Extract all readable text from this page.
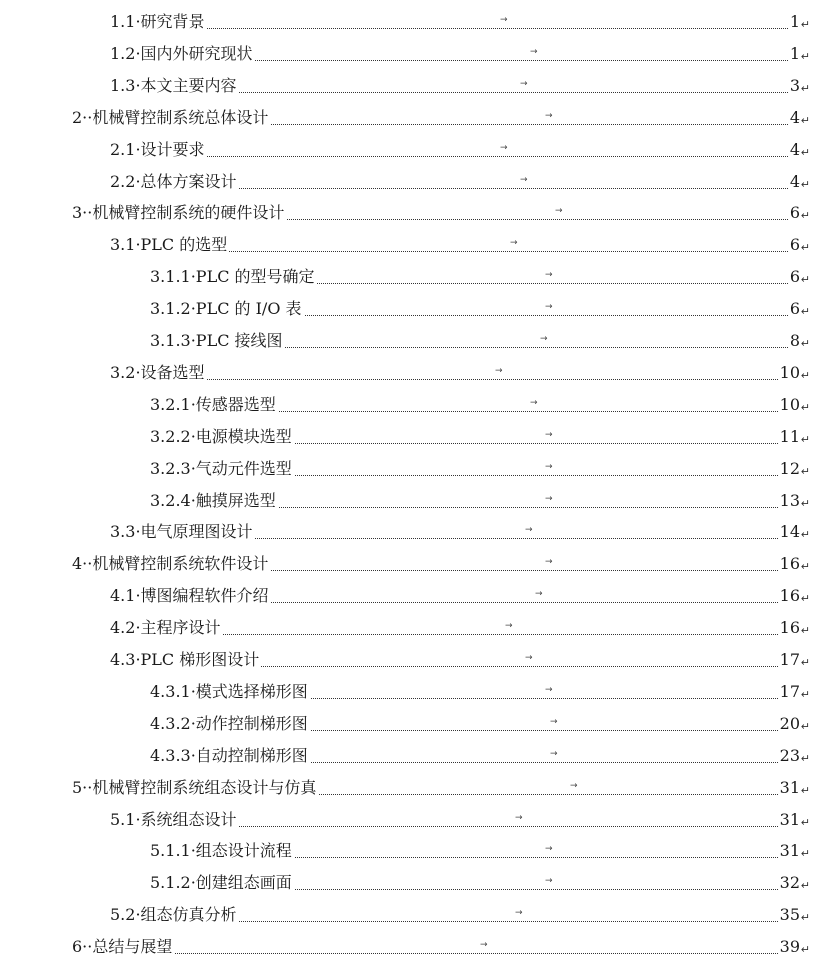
1.1·研究背景	→	1 ↵
1.2·国内外研究现状	→	1 ↵
1.3·本文主要内容	→	3 ↵
2··机械臂控制系统总体设计	→	4 ↵
2.1·设计要求	→	4 ↵
2.2·总体方案设计	→	4 ↵
3··机械臂控制系统的硬件设计	→	6 ↵
3.1·PLC 的选型	→	6 ↵
3.1.1·PLC 的型号确定	→	6 ↵
3.1.2·PLC 的 I/O 表	→	6 ↵
3.1.3·PLC 接线图	→	8 ↵
3.2·设备选型	→	10 ↵
3.2.1·传感器选型	→	10 ↵
3.2.2·电源模块选型	→	11 ↵
3.2.3·气动元件选型	→	12 ↵
3.2.4·触摸屏选型	→	13 ↵
3.3·电气原理图设计	→	14 ↵
4··机械臂控制系统软件设计	→	16 ↵
4.1·博图编程软件介绍	→	16 ↵
4.2·主程序设计	→	16 ↵
4.3·PLC 梯形图设计	→	17 ↵
4.3.1·模式选择梯形图	→	17 ↵
4.3.2·动作控制梯形图	→	20 ↵
4.3.3·自动控制梯形图	→	23 ↵
5··机械臂控制系统组态设计与仿真	→	31 ↵
5.1·系统组态设计	→	31 ↵
5.1.1·组态设计流程	→	31 ↵
5.1.2·创建组态画面	→	32 ↵
5.2·组态仿真分析	→	35 ↵
6··总结与展望	→	39 ↵
